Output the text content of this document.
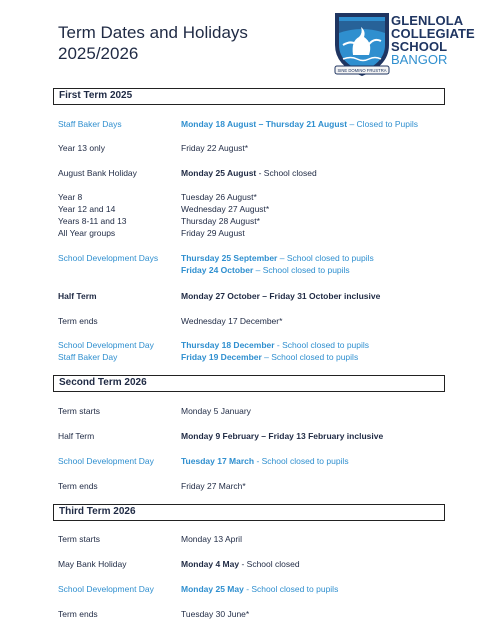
Term Dates and Holidays
2025/2026
SINE DOMINO FRUSTRA
GLENLOLA
COLLEGIATE
SCHOOL
BANGOR
First Term 2025
Staff Baker Days	Monday 18 August – Thursday 21 August – Closed to Pupils
Year 13 only	Friday 22 August*
August Bank Holiday	Monday 25 August - School closed
Year 8	Tuesday 26 August*
Year 12 and 14	Wednesday 27 August*
Years 8-11 and 13	Thursday 28 August*
All Year groups	Friday 29 August
School Development Days	Thursday 25 September – School closed to pupils
Friday 24 October – School closed to pupils
Half Term	Monday 27 October – Friday 31 October inclusive
Term ends	Wednesday 17 December*
School Development Day	Thursday 18 December - School closed to pupils
Staff Baker Day	Friday 19 December – School closed to pupils
Second Term 2026
Term starts	Monday 5 January
Half Term	Monday 9 February – Friday 13 February inclusive
School Development Day	Tuesday 17 March - School closed to pupils
Term ends	Friday 27 March*
Third Term 2026
Term starts	Monday 13 April
May Bank Holiday	Monday 4 May - School closed
School Development Day	Monday 25 May - School closed to pupils
Term ends	Tuesday 30 June*
